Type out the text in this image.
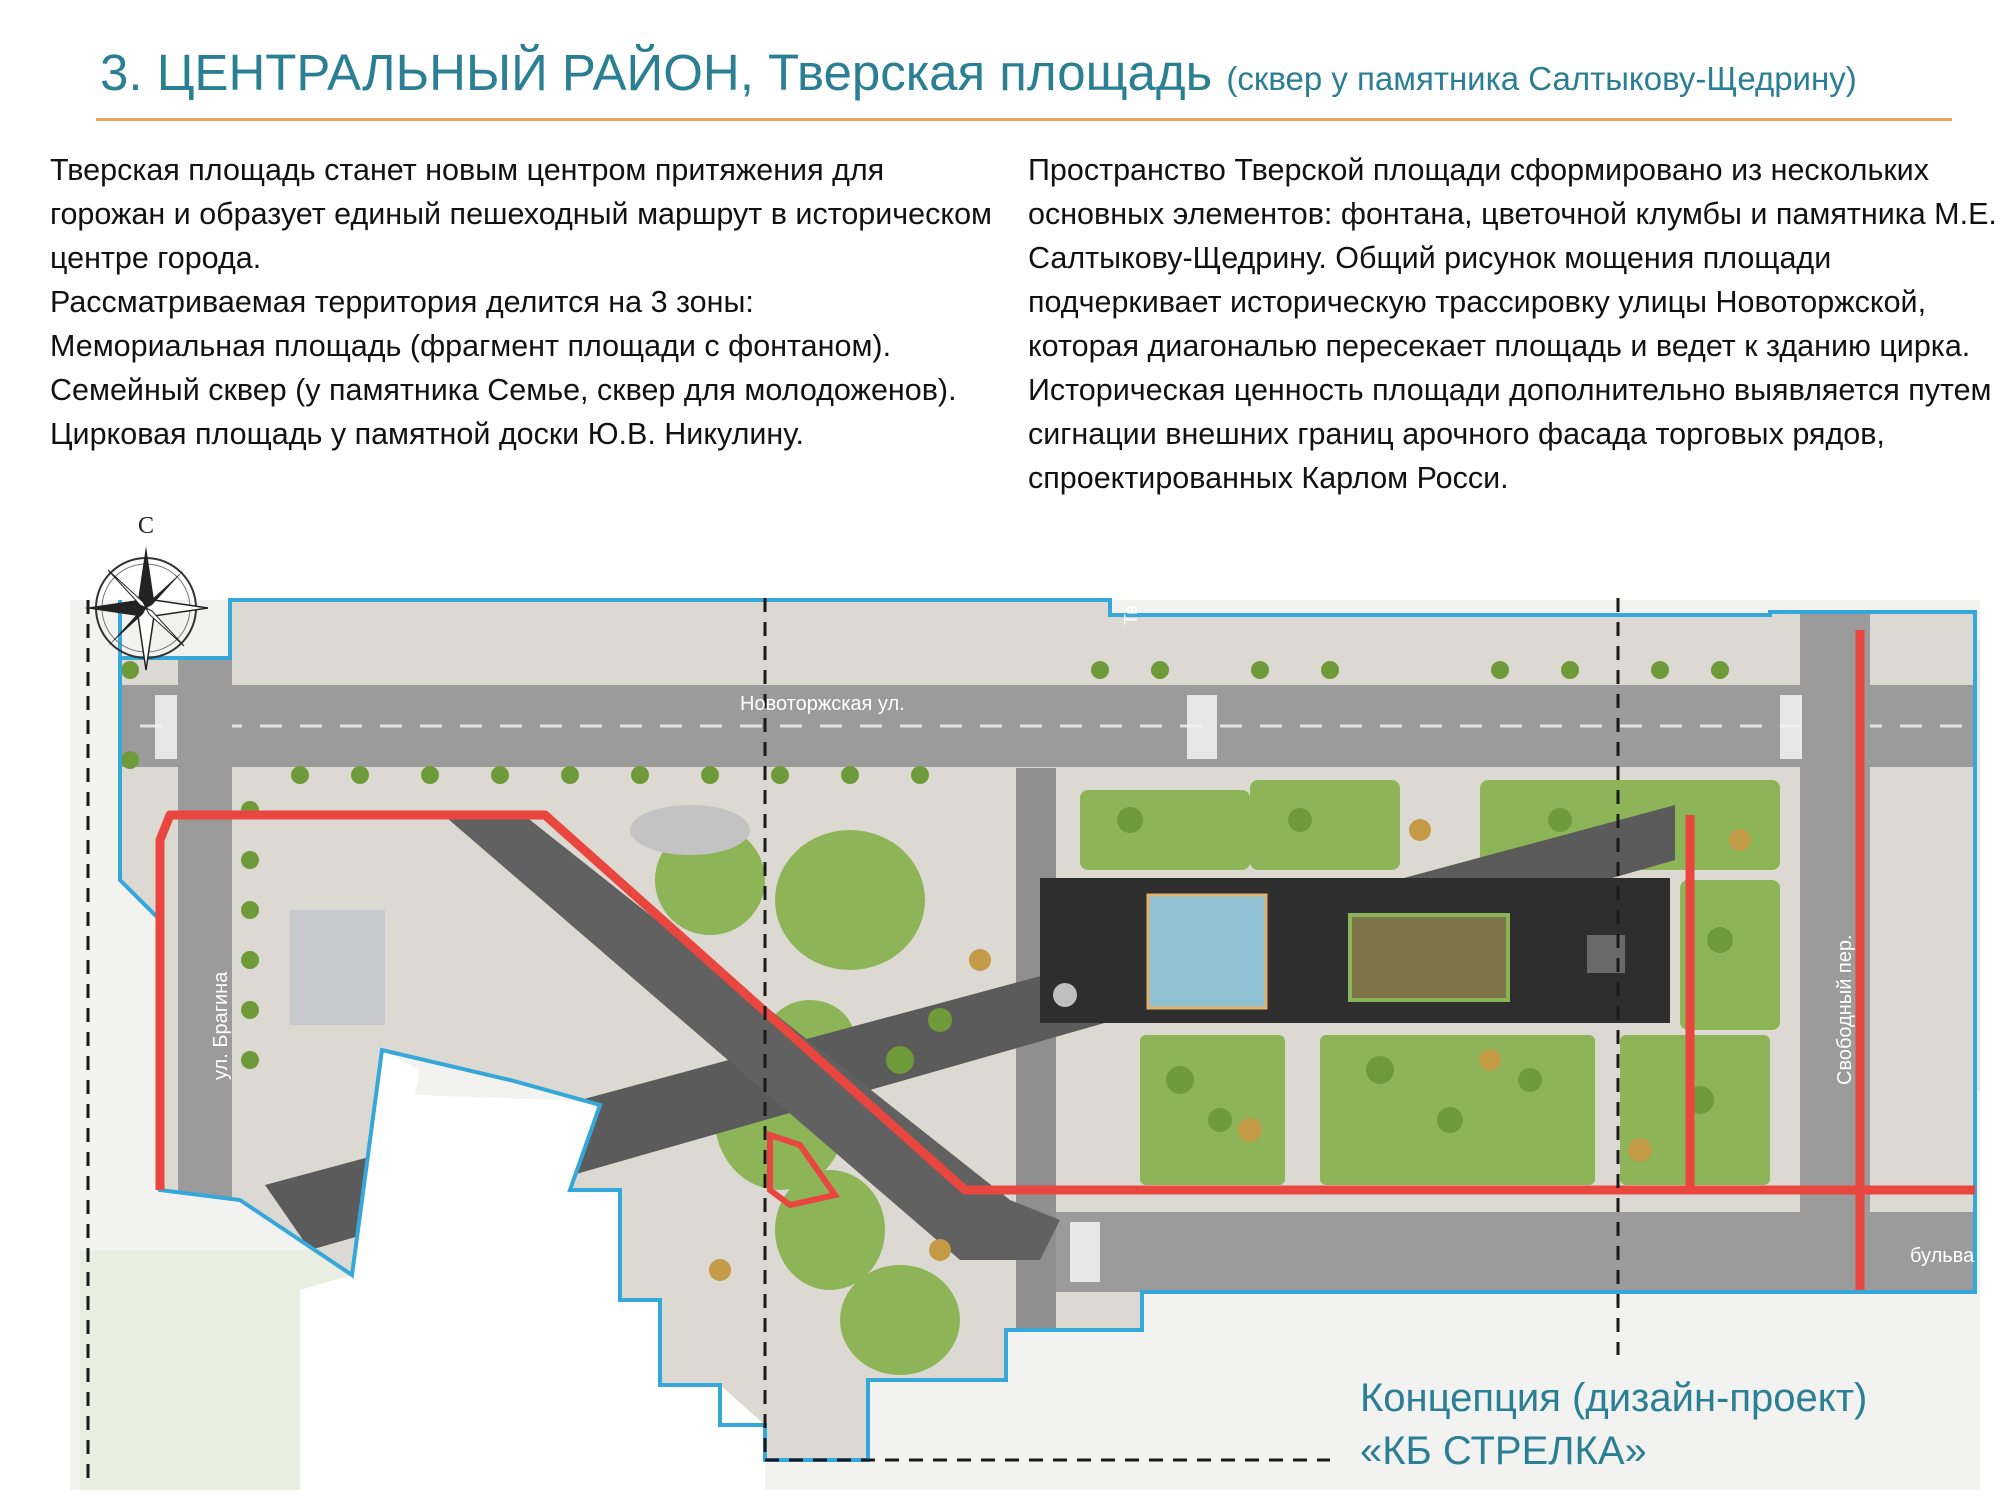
3. ЦЕНТРАЛЬНЫЙ РАЙОН, Тверская площадь (сквер у памятника Салтыкову-Щедрину)

Тверская площадь станет новым центром притяжения для горожан и образует единый пешеходный маршрут в историческом центре города.

Рассматриваемая территория делится на 3 зоны:

Мемориальная площадь (фрагмент площади с фонтаном).

Семейный сквер (у памятника Семье, сквер для молодоженов).

Цирковая площадь у памятной доски Ю.В. Никулину.

Пространство Тверской площади сформировано из нескольких основных элементов: фонтана, цветочной клумбы и памятника М.Е. Салтыкову-Щедрину. Общий рисунок мощения площади подчеркивает историческую трассировку улицы Новоторжской, которая диагональю пересекает площадь и ведет к зданию цирка. Историческая ценность площади дополнительно выявляется путем сигнации внешних границ арочного фасада торговых рядов, спроектированных Карлом Росси.

Новоторжская ул.
ул. Брагина	Свободный пер.
бульва
Тв
С
Концепция (дизайн-проект)
«КБ СТРЕЛКА»
